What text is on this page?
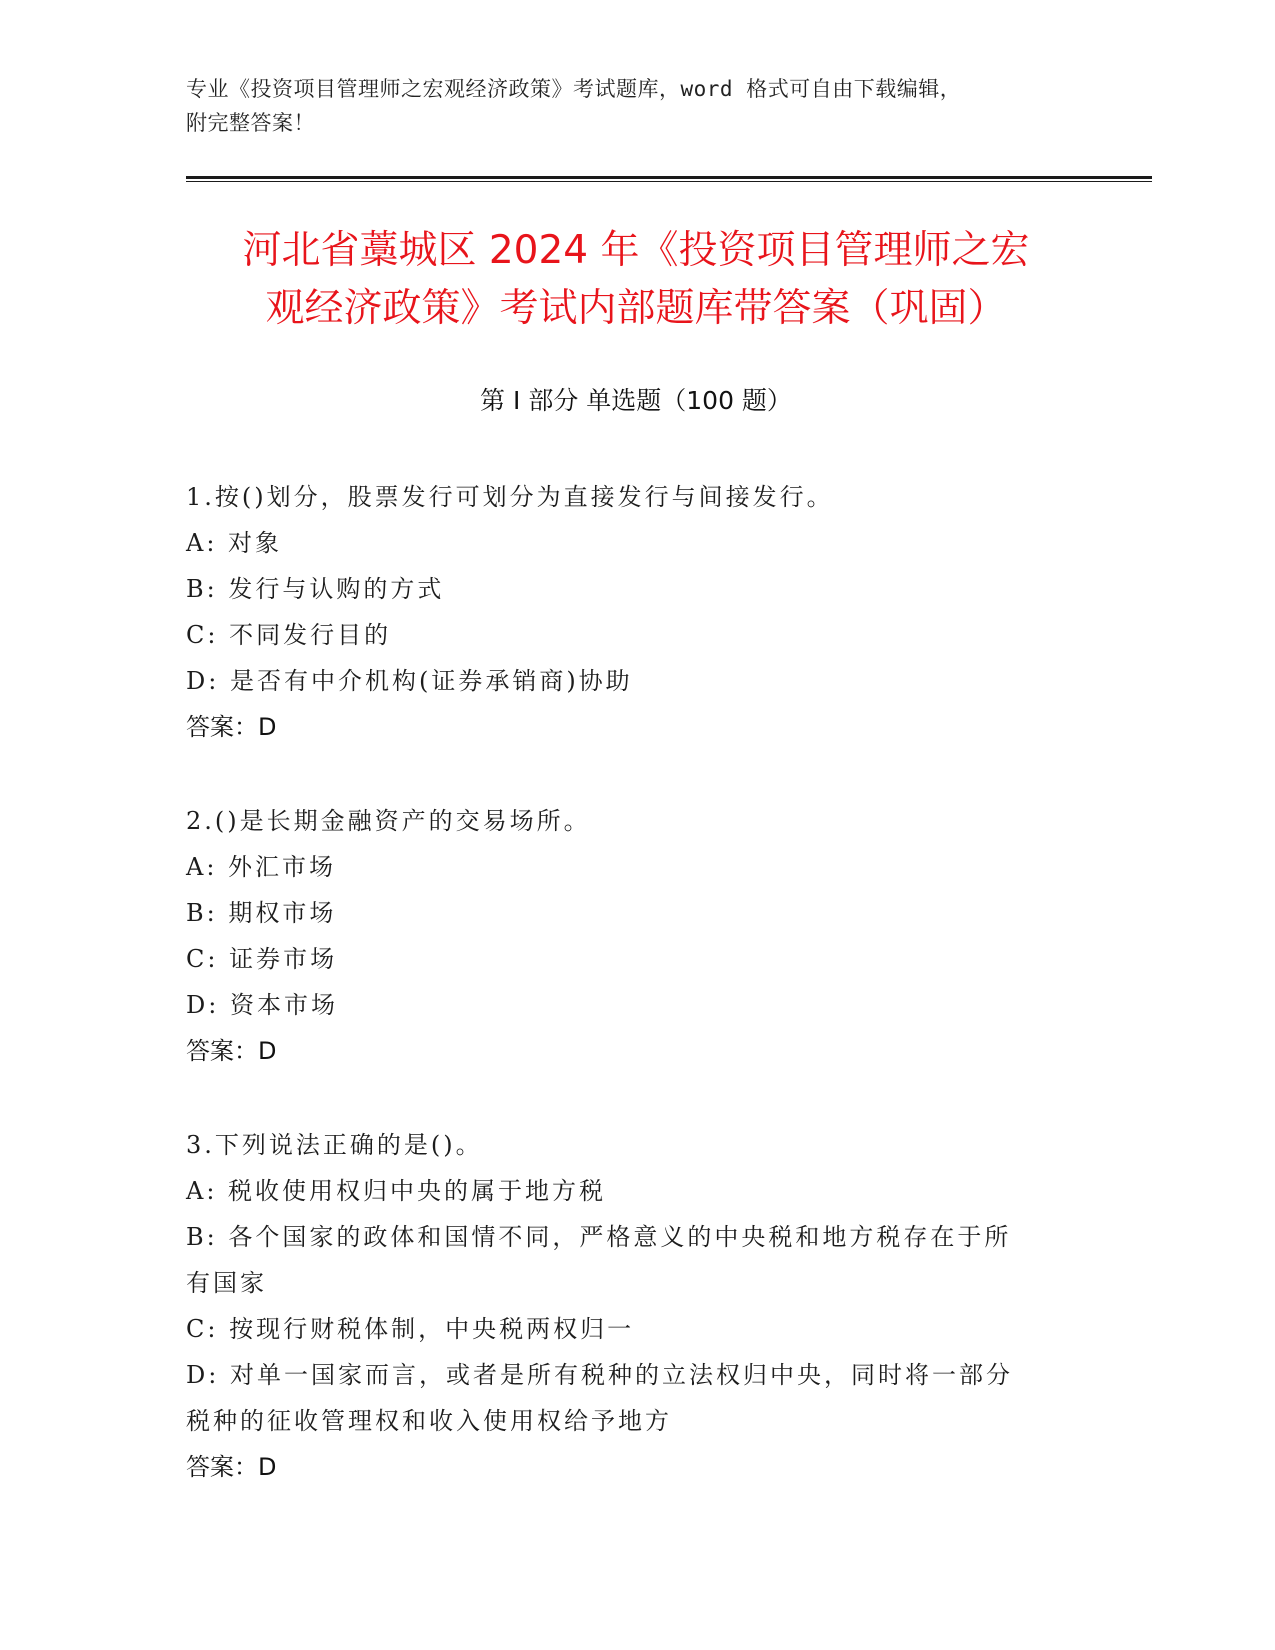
专业《投资项目管理师之宏观经济政策》考试题库，word 格式可自由下载编辑，
附完整答案！
河北省藁城区 2024 年《投资项目管理师之宏
观经济政策》考试内部题库带答案（巩固）
第 I 部分 单选题（100 题）
1.按()划分，股票发行可划分为直接发行与间接发行。
A: 对象
B: 发行与认购的方式
C: 不同发行目的
D: 是否有中介机构(证券承销商)协助
答案：D
2.()是长期金融资产的交易场所。
A: 外汇市场
B: 期权市场
C: 证券市场
D: 资本市场
答案：D
3.下列说法正确的是()。
A: 税收使用权归中央的属于地方税
B: 各个国家的政体和国情不同，严格意义的中央税和地方税存在于所
有国家
C: 按现行财税体制，中央税两权归一
D: 对单一国家而言，或者是所有税种的立法权归中央，同时将一部分
税种的征收管理权和收入使用权给予地方
答案：D
